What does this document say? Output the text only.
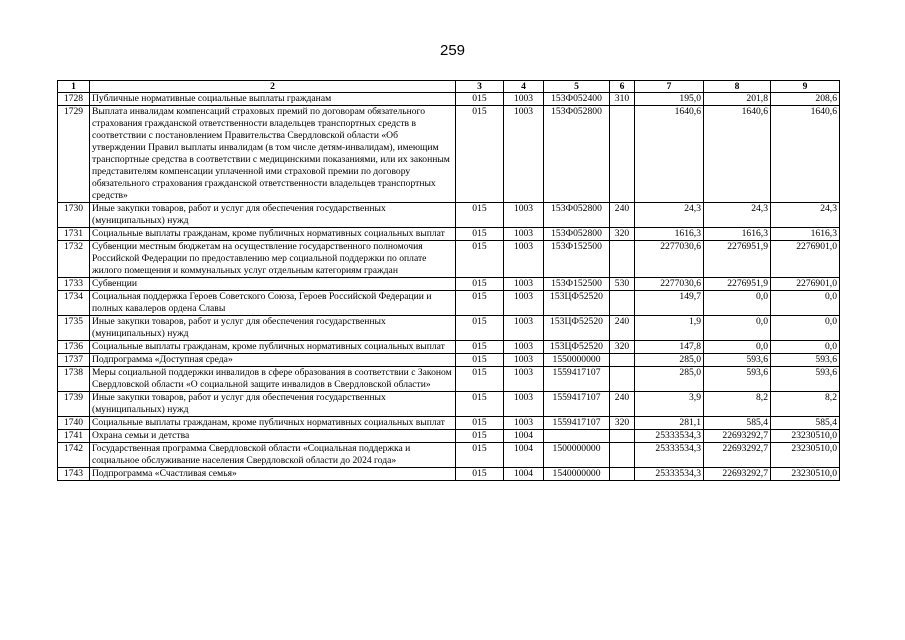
259
1	2	3	4	5	6	7	8	9
1728	Публичные нормативные социальные выплаты гражданам	015	1003	153Ф052400	310	195,0	201,8	208,6
1729	Выплата инвалидам компенсаций страховых премий по договорам обязательного страхования гражданской ответственности владельцев транспортных средств в соответствии с постановлением Правительства Свердловской области «Об утверждении Правил выплаты инвалидам (в том числе детям-инвалидам), имеющим транспортные средства в соответствии с медицинскими показаниями, или их законным представителям компенсации уплаченной ими страховой премии по договору обязательного страхования гражданской ответственности владельцев транспортных средств»	015	1003	153Ф052800		1640,6	1640,6	1640,6
1730	Иные закупки товаров, работ и услуг для обеспечения государственных (муниципальных) нужд	015	1003	153Ф052800	240	24,3	24,3	24,3
1731	Социальные выплаты гражданам, кроме публичных нормативных социальных выплат	015	1003	153Ф052800	320	1616,3	1616,3	1616,3
1732	Субвенции местным бюджетам на осуществление государственного полномочия Российской Федерации по предоставлению мер социальной поддержки по оплате жилого помещения и коммунальных услуг отдельным категориям граждан	015	1003	153Ф152500		2277030,6	2276951,9	2276901,0
1733	Субвенции	015	1003	153Ф152500	530	2277030,6	2276951,9	2276901,0
1734	Социальная поддержка Героев Советского Союза, Героев Российской Федерации и полных кавалеров ордена Славы	015	1003	153ЦФ52520		149,7	0,0	0,0
1735	Иные закупки товаров, работ и услуг для обеспечения государственных (муниципальных) нужд	015	1003	153ЦФ52520	240	1,9	0,0	0,0
1736	Социальные выплаты гражданам, кроме публичных нормативных социальных выплат	015	1003	153ЦФ52520	320	147,8	0,0	0,0
1737	Подпрограмма «Доступная среда»	015	1003	1550000000		285,0	593,6	593,6
1738	Меры социальной поддержки инвалидов в сфере образования в соответствии с Законом Свердловской области «О социальной защите инвалидов в Свердловской области»	015	1003	1559417107		285,0	593,6	593,6
1739	Иные закупки товаров, работ и услуг для обеспечения государственных (муниципальных) нужд	015	1003	1559417107	240	3,9	8,2	8,2
1740	Социальные выплаты гражданам, кроме публичных нормативных социальных выплат	015	1003	1559417107	320	281,1	585,4	585,4
1741	Охрана семьи и детства	015	1004			25333534,3	22693292,7	23230510,0
1742	Государственная программа Свердловской области «Социальная поддержка и социальное обслуживание населения Свердловской области до 2024 года»	015	1004	1500000000		25333534,3	22693292,7	23230510,0
1743	Подпрограмма «Счастливая семья»	015	1004	1540000000		25333534,3	22693292,7	23230510,0
